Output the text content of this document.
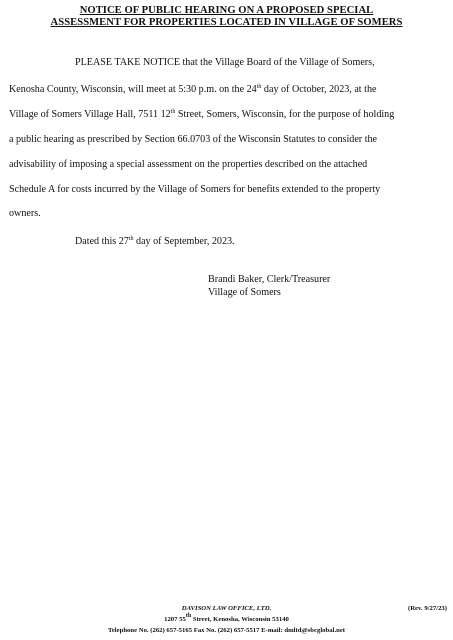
NOTICE OF PUBLIC HEARING ON A PROPOSED SPECIAL
ASSESSMENT FOR PROPERTIES LOCATED IN VILLAGE OF SOMERS
PLEASE TAKE NOTICE that the Village Board of the Village of Somers,
Kenosha County, Wisconsin, will meet at 5:30 p.m. on the 24th day of October, 2023, at the
Village of Somers Village Hall, 7511 12th Street, Somers, Wisconsin, for the purpose of holding
a public hearing as prescribed by Section 66.0703 of the Wisconsin Statutes to consider the
advisability of imposing a special assessment on the properties described on the attached
Schedule A for costs incurred by the Village of Somers for benefits extended to the property
owners.
Dated this 27th day of September, 2023.
Brandi Baker, Clerk/Treasurer
Village of Somers
DAVISON LAW OFFICE, LTD.	(Rev. 9/27/23)
1207 55th Street, Kenosha, Wisconsin 53140
Telephone No. (262) 657-5165 Fax No. (262) 657-5517 E-mail: dmltd@sbcglobal.net
